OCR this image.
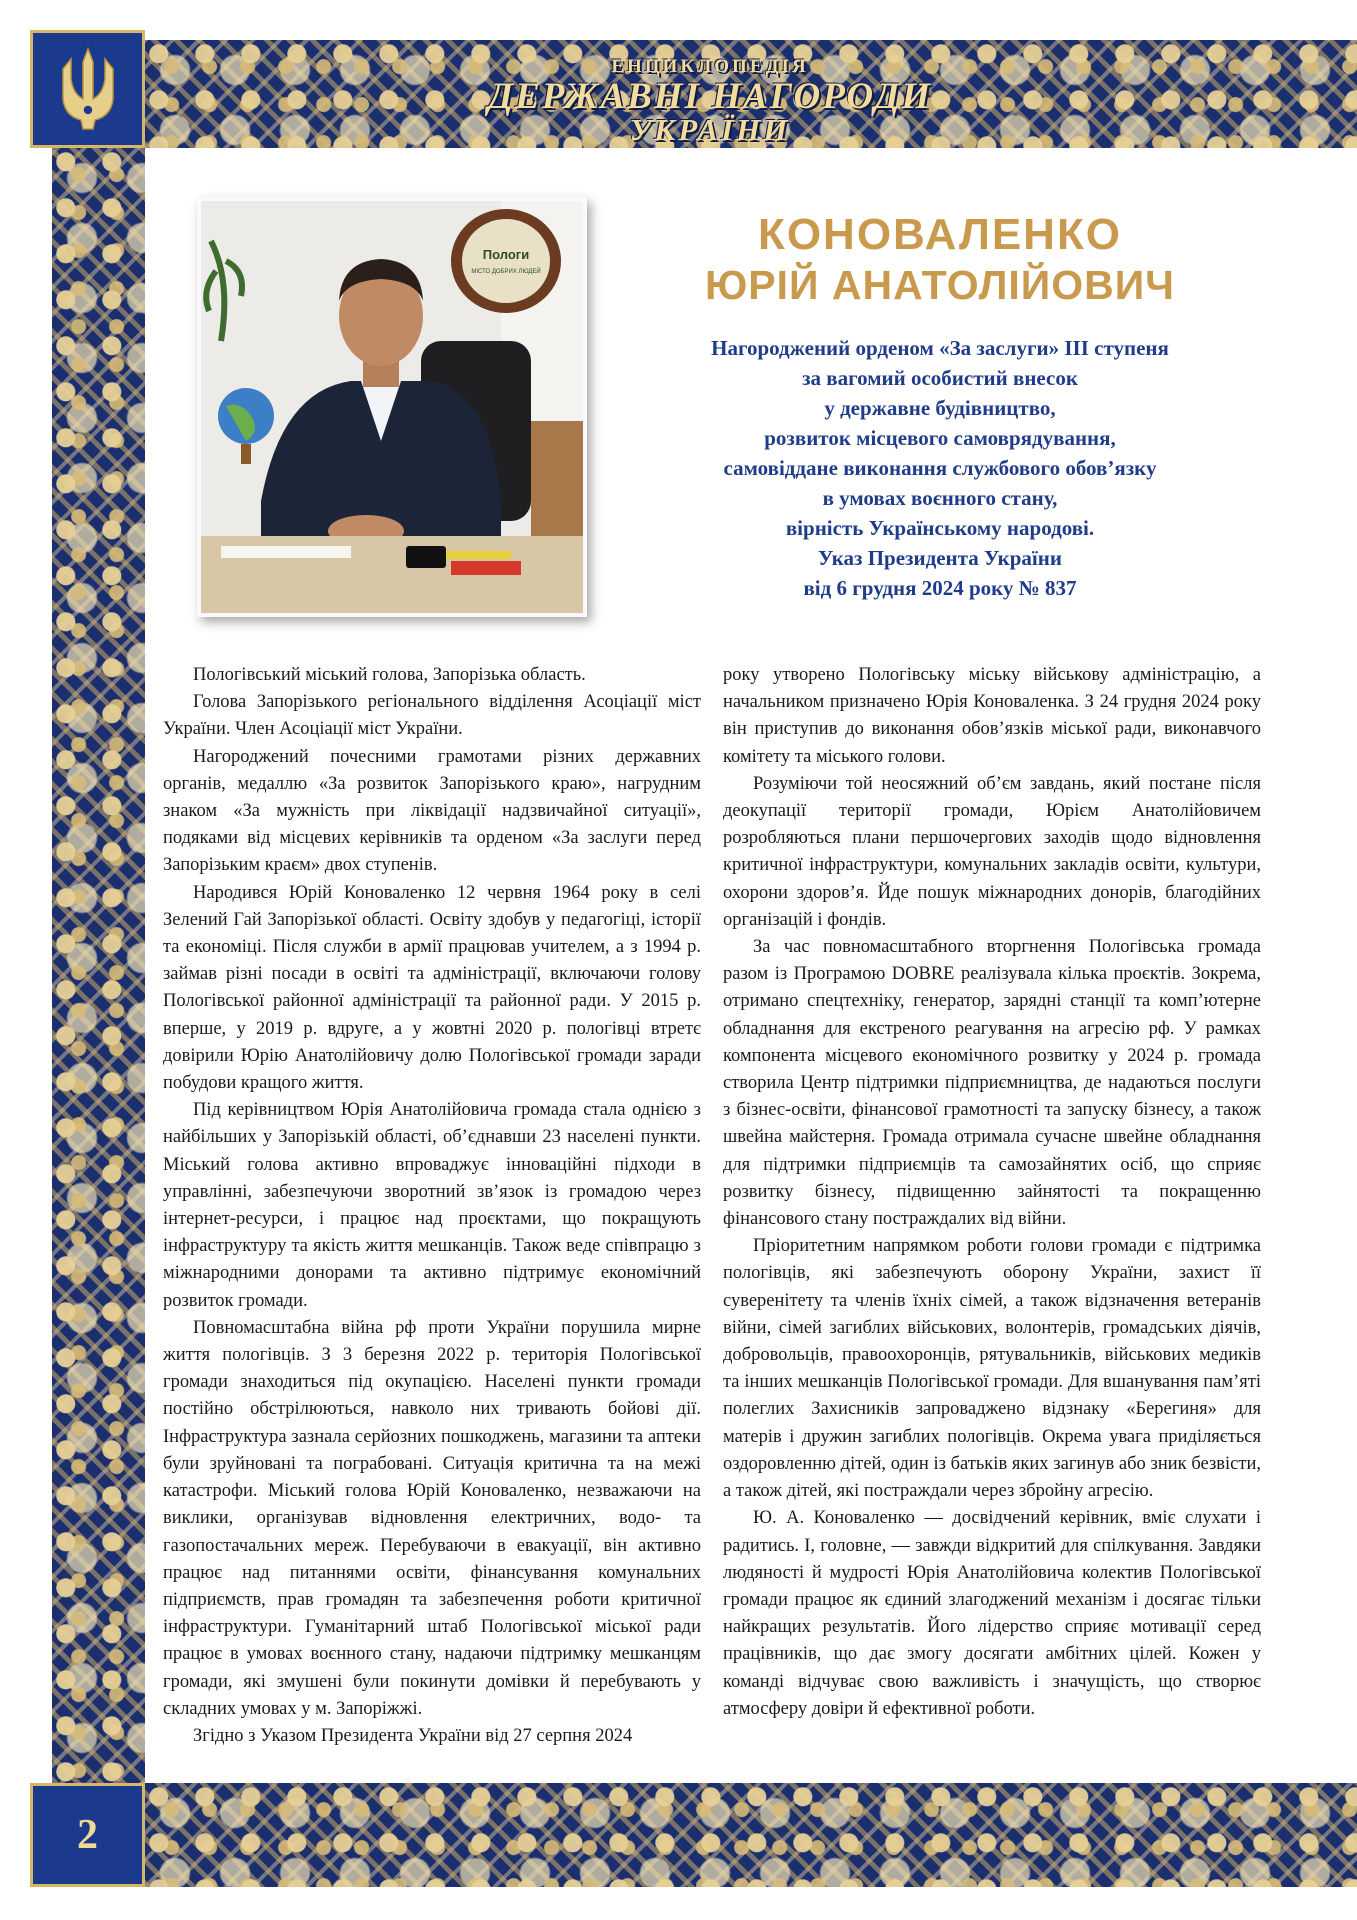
2
ЕНЦИКЛОПЕДІЯ
ДЕРЖАВНІ НАГОРОДИ
УКРАЇНИ
Пологи
МІСТО ДОБРИХ ЛЮДЕЙ
КОНОВАЛЕНКО
ЮРІЙ АНАТОЛІЙОВИЧ
Нагороджений орденом «За заслуги» III ступеня
за вагомий особистий внесок
у державне будівництво,
розвиток місцевого самоврядування,
самовіддане виконання службового обов’язку
в умовах воєнного стану,
вірність Українському народові.
Указ Президента України
від 6 грудня 2024 року № 837

Пологівський міський голова, Запорізька область.

Голова Запорізького регіонального відділення Асоціації міст України. Член Асоціації міст України.

Нагороджений почесними грамотами різних державних органів, медаллю «За розвиток Запорізького краю», нагрудним знаком «За мужність при ліквідації надзвичайної ситуації», подяками від місцевих керівників та орденом «За заслуги перед Запорізьким краєм» двох ступенів.

Народився Юрій Коноваленко 12 червня 1964 року в селі Зелений Гай Запорізької області. Освіту здобув у педагогіці, історії та економіці. Після служби в армії працював учителем, а з 1994 р. займав різні посади в освіті та адміністрації, включаючи голову Пологівської районної адміністрації та районної ради. У 2015 р. вперше, у 2019 р. вдруге, а у жовтні 2020 р. пологівці втретє довірили Юрію Анатолійовичу долю Пологівської громади заради побудови кращого життя.

Під керівництвом Юрія Анатолійовича громада стала однією з найбільших у Запорізькій області, об’єднавши 23 населені пункти. Міський голова активно впроваджує інноваційні підходи в управлінні, забезпечуючи зворотний зв’язок із громадою через інтернет-ресурси, і працює над проєктами, що покращують інфраструктуру та якість життя мешканців. Також веде співпрацю з міжнародними донорами та активно підтримує економічний розвиток громади.

Повномасштабна війна рф проти України порушила мирне життя пологівців. З 3 березня 2022 р. територія Пологівської громади знаходиться під окупацією. Населені пункти громади постійно обстрілюються, навколо них тривають бойові дії. Інфраструктура зазнала серйозних пошкоджень, магазини та аптеки були зруйновані та пограбовані. Ситуація критична та на межі катастрофи. Міський голова Юрій Коноваленко, незважаючи на виклики, організував відновлення електричних, водо- та газопостачальних мереж. Перебуваючи в евакуації, він активно працює над питаннями освіти, фінансування комунальних підприємств, прав громадян та забезпечення роботи критичної інфраструктури. Гуманітарний штаб Пологівської міської ради працює в умовах воєнного стану, надаючи підтримку мешканцям громади, які змушені були покинути домівки й перебувають у складних умовах у м. Запоріжжі.

Згідно з Указом Президента України від 27 серпня 2024

року утворено Пологівську міську військову адміністрацію, а начальником призначено Юрія Коноваленка. З 24 грудня 2024 року він приступив до виконання обов’язків міської ради, виконавчого комітету та міського голови.

Розуміючи той неосяжний об’єм завдань, який постане після деокупації території громади, Юрієм Анатолійовичем розробляються плани першочергових заходів щодо відновлення критичної інфраструктури, комунальних закладів освіти, культури, охорони здоров’я. Йде пошук міжнародних донорів, благодійних організацій і фондів.

За час повномасштабного вторгнення Пологівська громада разом із Програмою DOBRE реалізувала кілька проєктів. Зокрема, отримано спецтехніку, генератор, зарядні станції та комп’ютерне обладнання для екстреного реагування на агресію рф. У рамках компонента місцевого економічного розвитку у 2024 р. громада створила Центр підтримки підприємництва, де надаються послуги з бізнес-освіти, фінансової грамотності та запуску бізнесу, а також швейна майстерня. Громада отримала сучасне швейне обладнання для підтримки підприємців та самозайнятих осіб, що сприяє розвитку бізнесу, підвищенню зайнятості та покращенню фінансового стану постраждалих від війни.

Пріоритетним напрямком роботи голови громади є підтримка пологівців, які забезпечують оборону України, захист її суверенітету та членів їхніх сімей, а також відзначення ветеранів війни, сімей загиблих військових, волонтерів, громадських діячів, добровольців, правоохоронців, рятувальників, військових медиків та інших мешканців Пологівської громади. Для вшанування пам’яті полеглих Захисників запроваджено відзнаку «Берегиня» для матерів і дружин загиблих пологівців. Окрема увага приділяється оздоровленню дітей, один із батьків яких загинув або зник безвісти, а також дітей, які постраждали через збройну агресію.

Ю. А. Коноваленко — досвідчений керівник, вміє слухати і радитись. І, головне, — завжди відкритий для спілкування. Завдяки людяності й мудрості Юрія Анатолійовича колектив Пологівської громади працює як єдиний злагоджений механізм і досягає тільки найкращих результатів. Його лідерство сприяє мотивації серед працівників, що дає змогу досягати амбітних цілей. Кожен у команді відчуває свою важливість і значущість, що створює атмосферу довіри й ефективної роботи.
